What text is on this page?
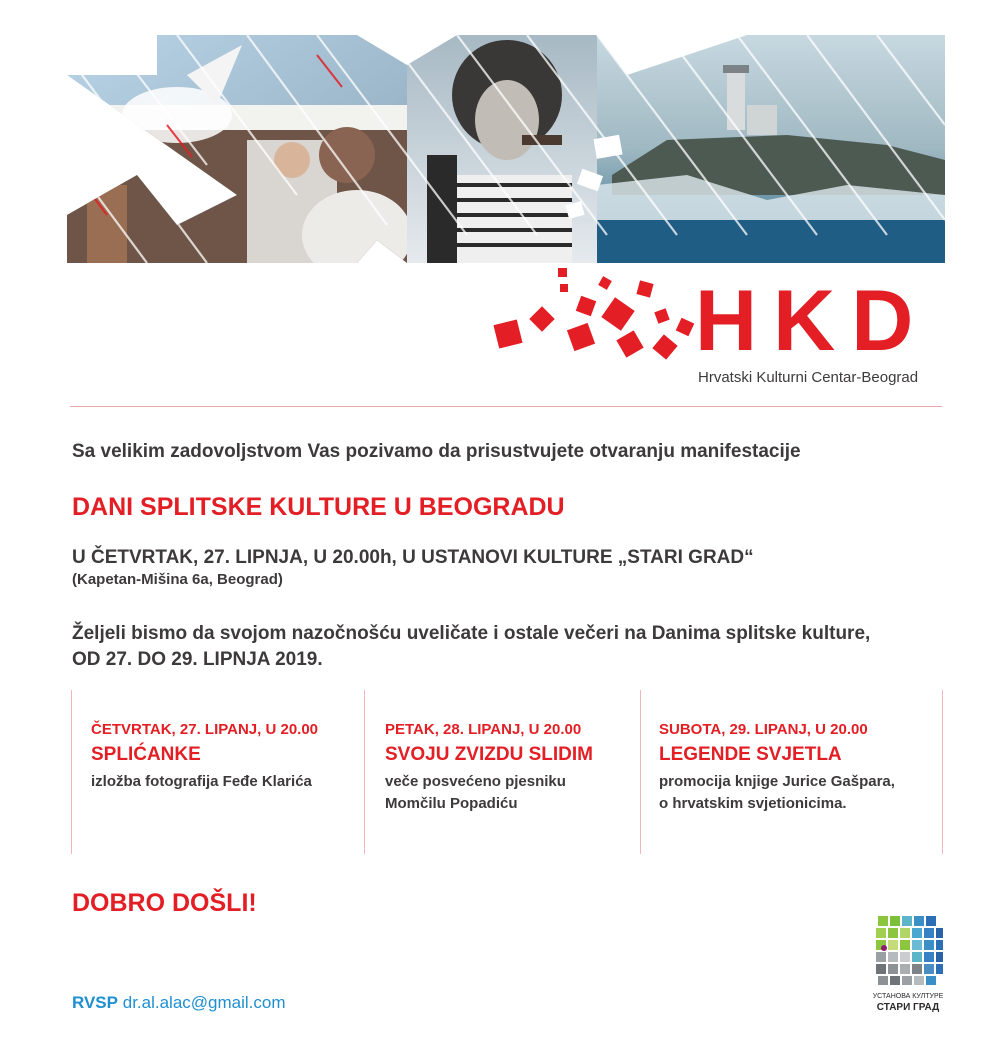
HKD
Hrvatski Kulturni Centar-Beograd
Sa velikim zadovoljstvom Vas pozivamo da prisustvujete otvaranju manifestacije
DANI SPLITSKE KULTURE U BEOGRADU
U ČETVRTAK, 27. LIPNJA, U 20.00h, U USTANOVI KULTURE „STARI GRAD“
(Kapetan-Mišina 6a, Beograd)
Željeli bismo da svojom nazočnošću uveličate i ostale večeri na Danima splitske kulture,
OD 27. DO 29. LIPNJA 2019.
ČETVRTAK, 27. LIPANJ, U 20.00
SPLIĆANKE
izložba fotografija Feđe Klarića
PETAK, 28. LIPANJ, U 20.00
SVOJU ZVIZDU SLIDIM
veče posvećeno pjesniku
Momčilu Popadiću
SUBOTA, 29. LIPANJ, U 20.00
LEGENDE SVJETLA
promocija knjige Jurice Gašpara,
o hrvatskim svjetionicima.
DOBRO DOŠLI!
RVSP dr.al.alac@gmail.com	УСТАНОВА КУЛТУРЕ
СТАРИ ГРАД
